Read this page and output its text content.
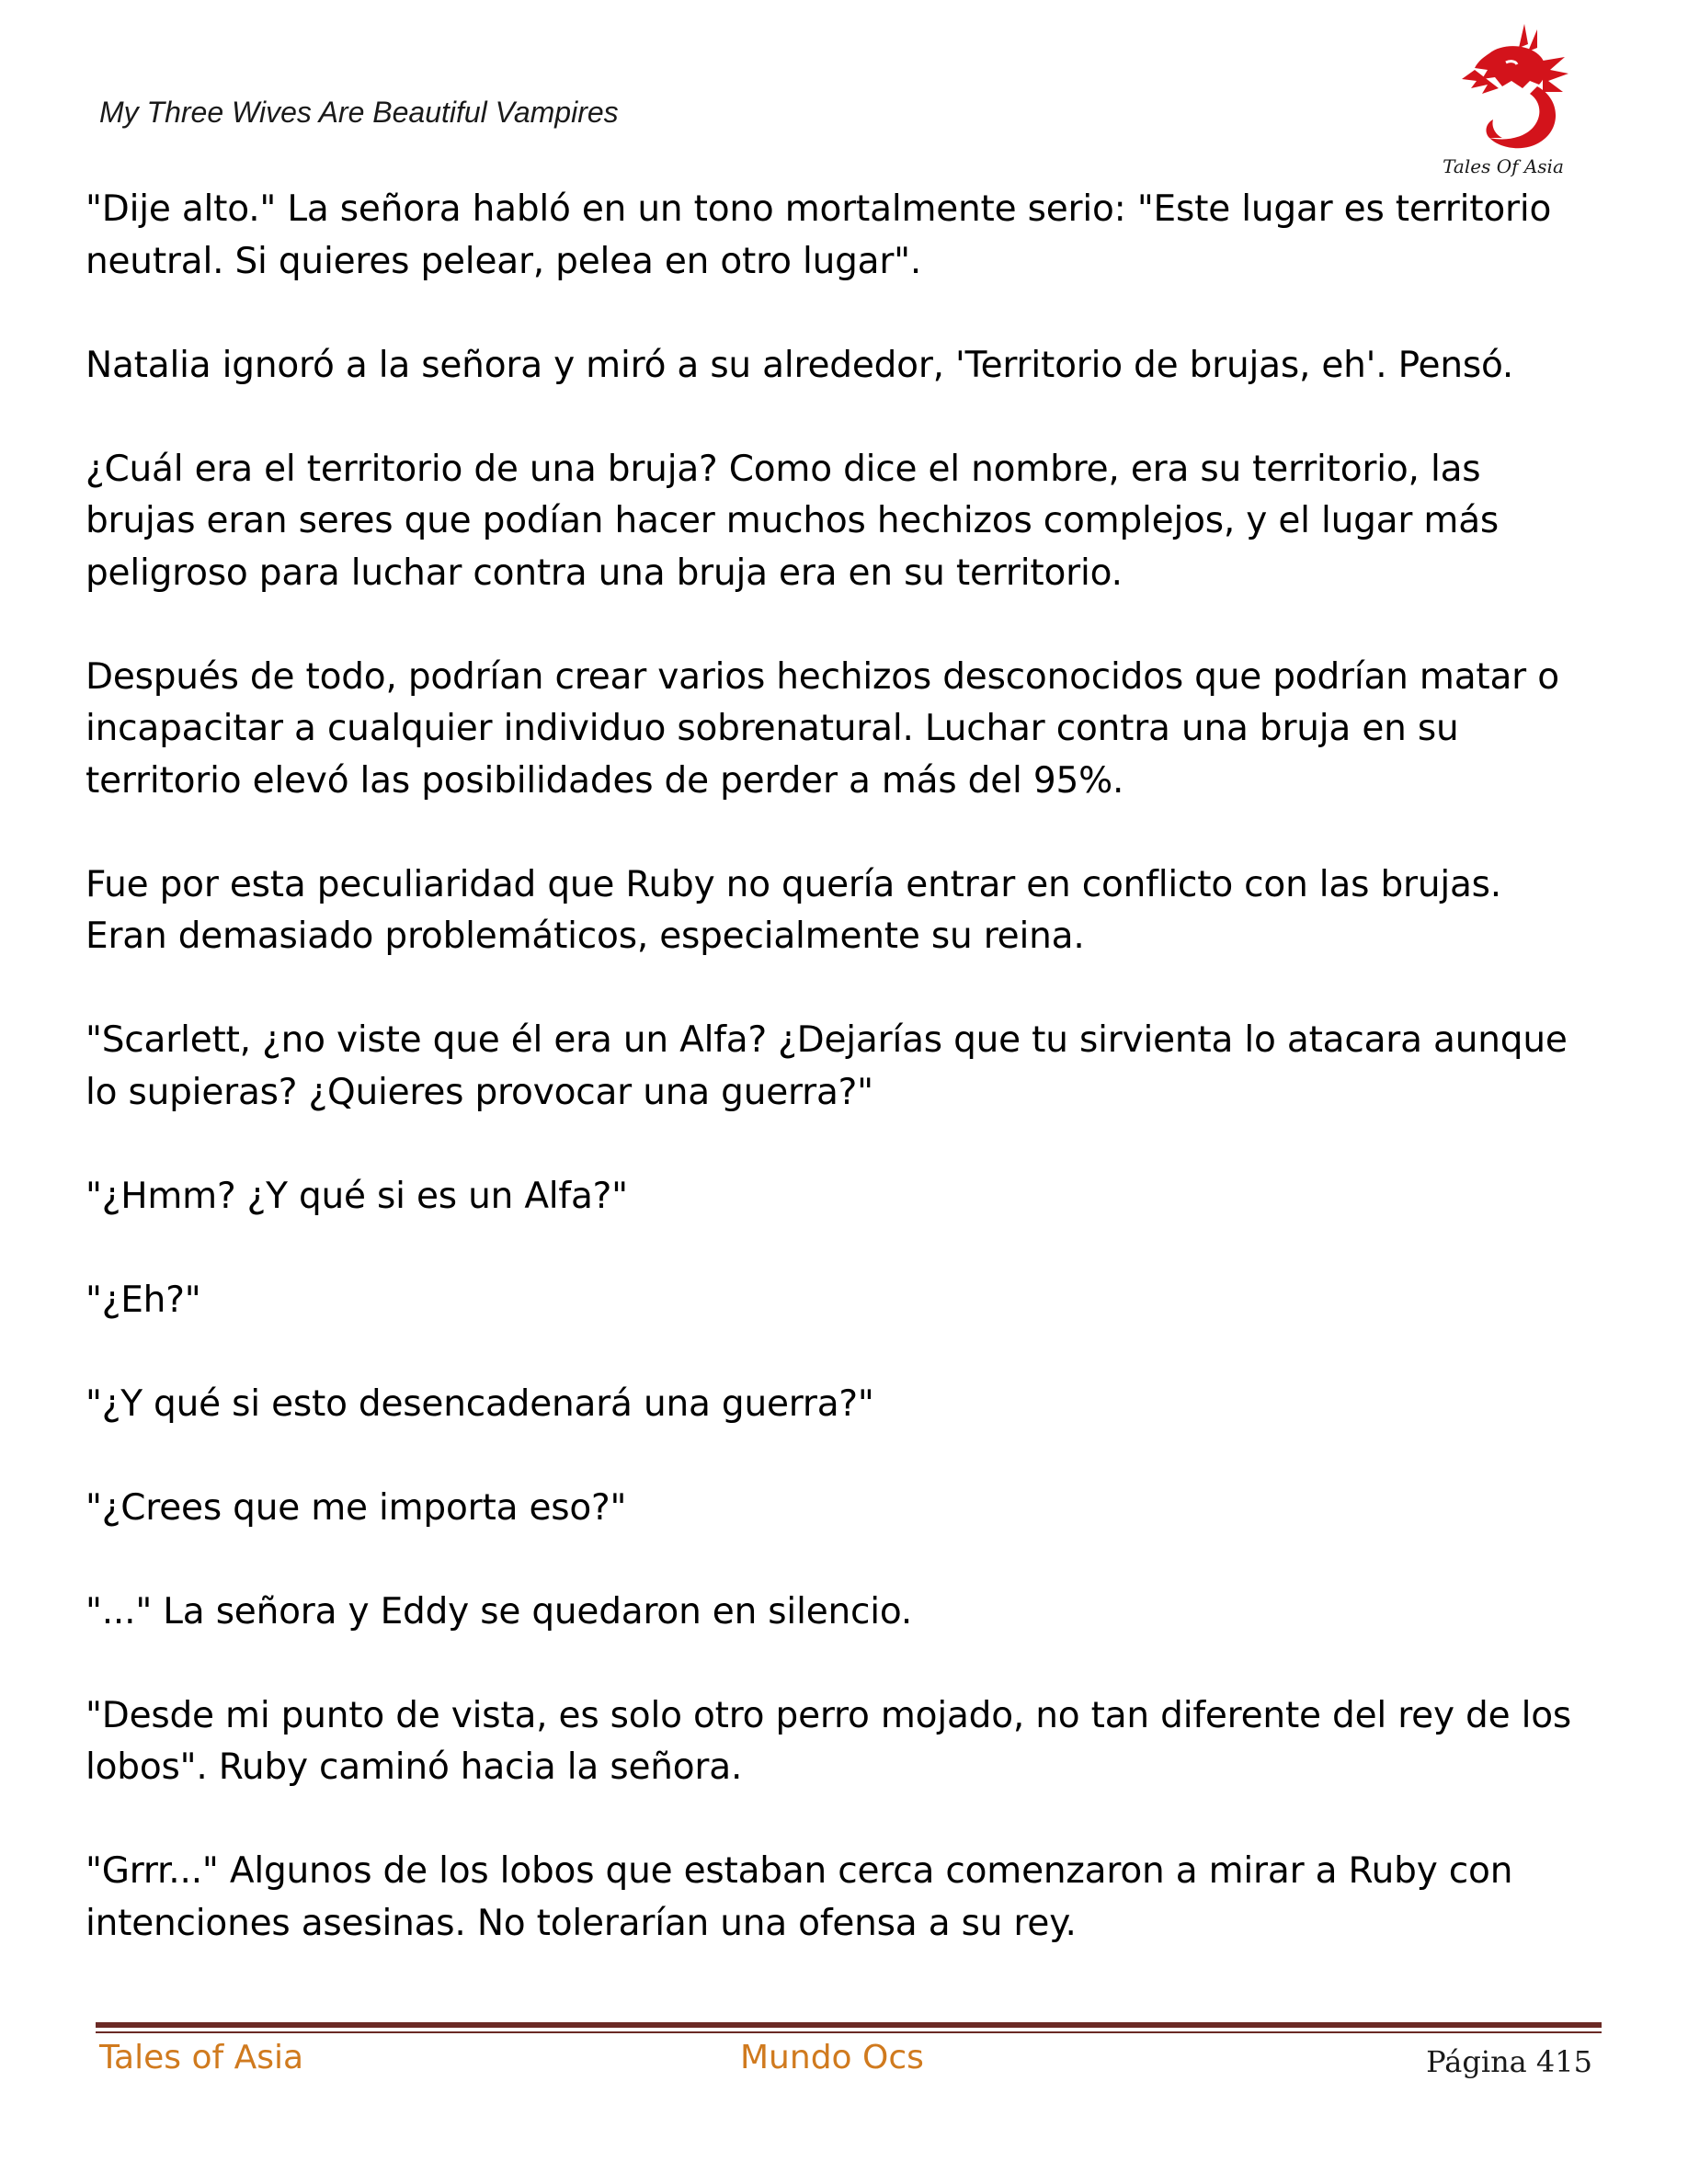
My Three Wives Are Beautiful Vampires
Tales Of Asia

"Dije alto." La señora habló en un tono mortalmente serio: "Este lugar es territorio neutral. Si quieres pelear, pelea en otro lugar".

Natalia ignoró a la señora y miró a su alrededor, 'Territorio de brujas, eh'. Pensó.

¿Cuál era el territorio de una bruja? Como dice el nombre, era su territorio, las brujas eran seres que podían hacer muchos hechizos complejos, y el lugar más peligroso para luchar contra una bruja era en su territorio.

Después de todo, podrían crear varios hechizos desconocidos que podrían matar o incapacitar a cualquier individuo sobrenatural. Luchar contra una bruja en su territorio elevó las posibilidades de perder a más del 95%.

Fue por esta peculiaridad que Ruby no quería entrar en conflicto con las brujas. Eran demasiado problemáticos, especialmente su reina.

"Scarlett, ¿no viste que él era un Alfa? ¿Dejarías que tu sirvienta lo atacara aunque lo supieras? ¿Quieres provocar una guerra?"

"¿Hmm? ¿Y qué si es un Alfa?"

"¿Eh?"

"¿Y qué si esto desencadenará una guerra?"

"¿Crees que me importa eso?"

"..." La señora y Eddy se quedaron en silencio.

"Desde mi punto de vista, es solo otro perro mojado, no tan diferente del rey de los lobos". Ruby caminó hacia la señora.

"Grrr..." Algunos de los lobos que estaban cerca comenzaron a mirar a Ruby con intenciones asesinas. No tolerarían una ofensa a su rey.

Tales of Asia	Mundo Ocs	Página 415
